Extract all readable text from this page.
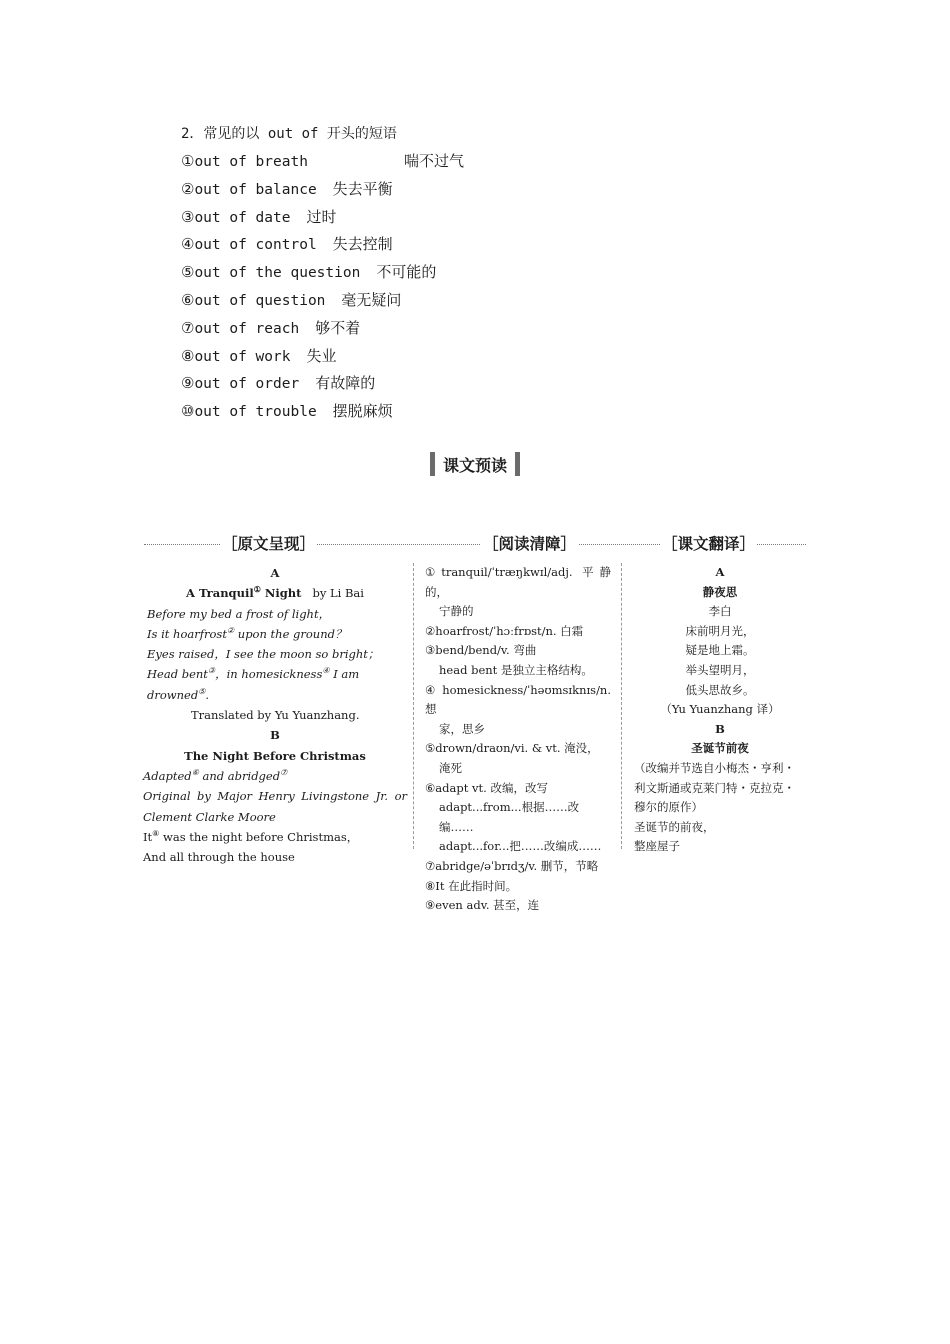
2．常见的以 out of 开头的短语
①out of breath	喘不过气
②out of balance 失去平衡
③out of date 过时
④out of control 失去控制
⑤out of the question 不可能的
⑥out of question 毫无疑问
⑦out of reach 够不着
⑧out of work 失业
⑨out of order 有故障的
⑩out of trouble 摆脱麻烦
课文预读
［原文呈现］	［阅读清障］	［课文翻译］
A
A Tranquil① Night by Li Bai
Before my bed a frost of light，
Is it hoarfrost② upon the ground？
Eyes raised，I see the moon so bright；
Head bent③，in homesickness④ I am drowned⑤.
Translated by Yu Yuanzhang.
B
The Night Before Christmas
Adapted⑥ and abridged⑦
Original by Major Henry Livingstone Jr. or
Clement Clarke Moore
It⑧ was the night before Christmas，
And all through the house
①tranquil/ˈtræŋkwɪl/adj. 平静的，
宁静的
②hoarfrost/ˈhɔːfrɒst/n. 白霜
③bend/bend/v. 弯曲
head bent 是独立主格结构。
④ homesickness/ˈhəʊmsɪknɪs/n. 想
家，思乡
⑤drown/draʊn/vi. & vt. 淹没，
淹死
⑥adapt vt. 改编，改写
adapt...from...根据……改编……
adapt...for...把……改编成……
⑦abridge/əˈbrɪdʒ/v. 删节，节略
⑧It 在此指时间。
⑨even adv. 甚至，连
A
静夜思
李白
床前明月光，
疑是地上霜。
举头望明月，
低头思故乡。
（Yu Yuanzhang 译）
B
圣诞节前夜
（改编并节选自小梅杰・亨利・
利文斯通或克莱门特・克拉克・
穆尔的原作）
圣诞节的前夜，
整座屋子
